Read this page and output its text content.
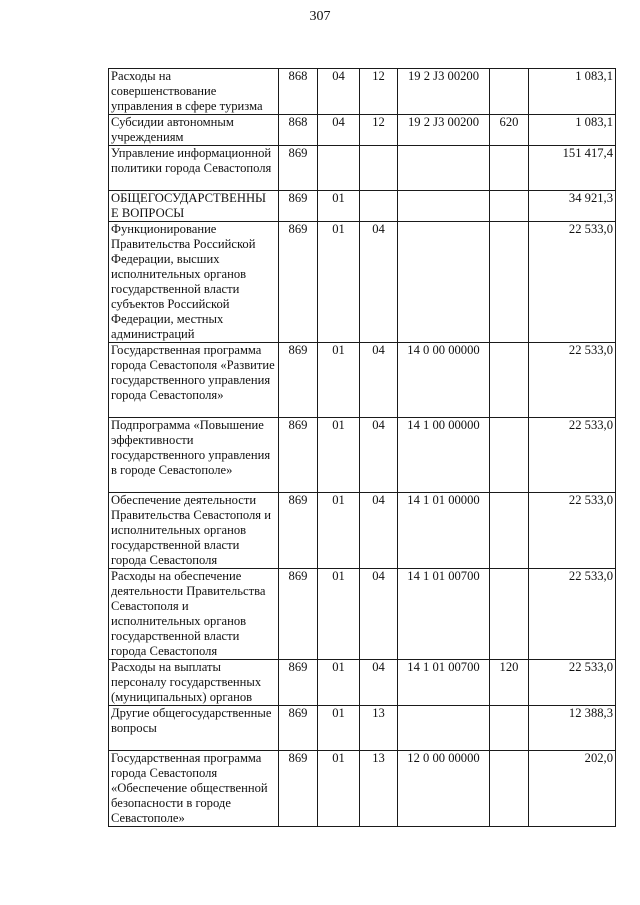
307
Расходы на совершенствование управления в сфере туризма	868	04	12	19 2 J3 00200		1 083,1
Субсидии автономным учреждениям	868	04	12	19 2 J3 00200	620	1 083,1
Управление информационной политики города Севастополя	869					151 417,4
ОБЩЕГОСУДАРСТВЕННЫ Е ВОПРОСЫ	869	01				34 921,3
Функционирование Правительства Российской Федерации, высших исполнительных органов государственной власти субъектов Российской Федерации, местных администраций	869	01	04			22 533,0
Государственная программа города Севастополя «Развитие государственного управления города Севастополя»	869	01	04	14 0 00 00000		22 533,0
Подпрограмма «Повышение эффективности государственного управления в городе Севастополе»	869	01	04	14 1 00 00000		22 533,0
Обеспечение деятельности Правительства Севастополя и исполнительных органов государственной власти города Севастополя	869	01	04	14 1 01 00000		22 533,0
Расходы на обеспечение деятельности Правительства Севастополя и исполнительных органов государственной власти города Севастополя	869	01	04	14 1 01 00700		22 533,0
Расходы на выплаты персоналу государственных (муниципальных) органов	869	01	04	14 1 01 00700	120	22 533,0
Другие общегосударственные вопросы	869	01	13			12 388,3
Государственная программа города Севастополя «Обеспечение общественной безопасности в городе Севастополе»	869	01	13	12 0 00 00000		202,0
